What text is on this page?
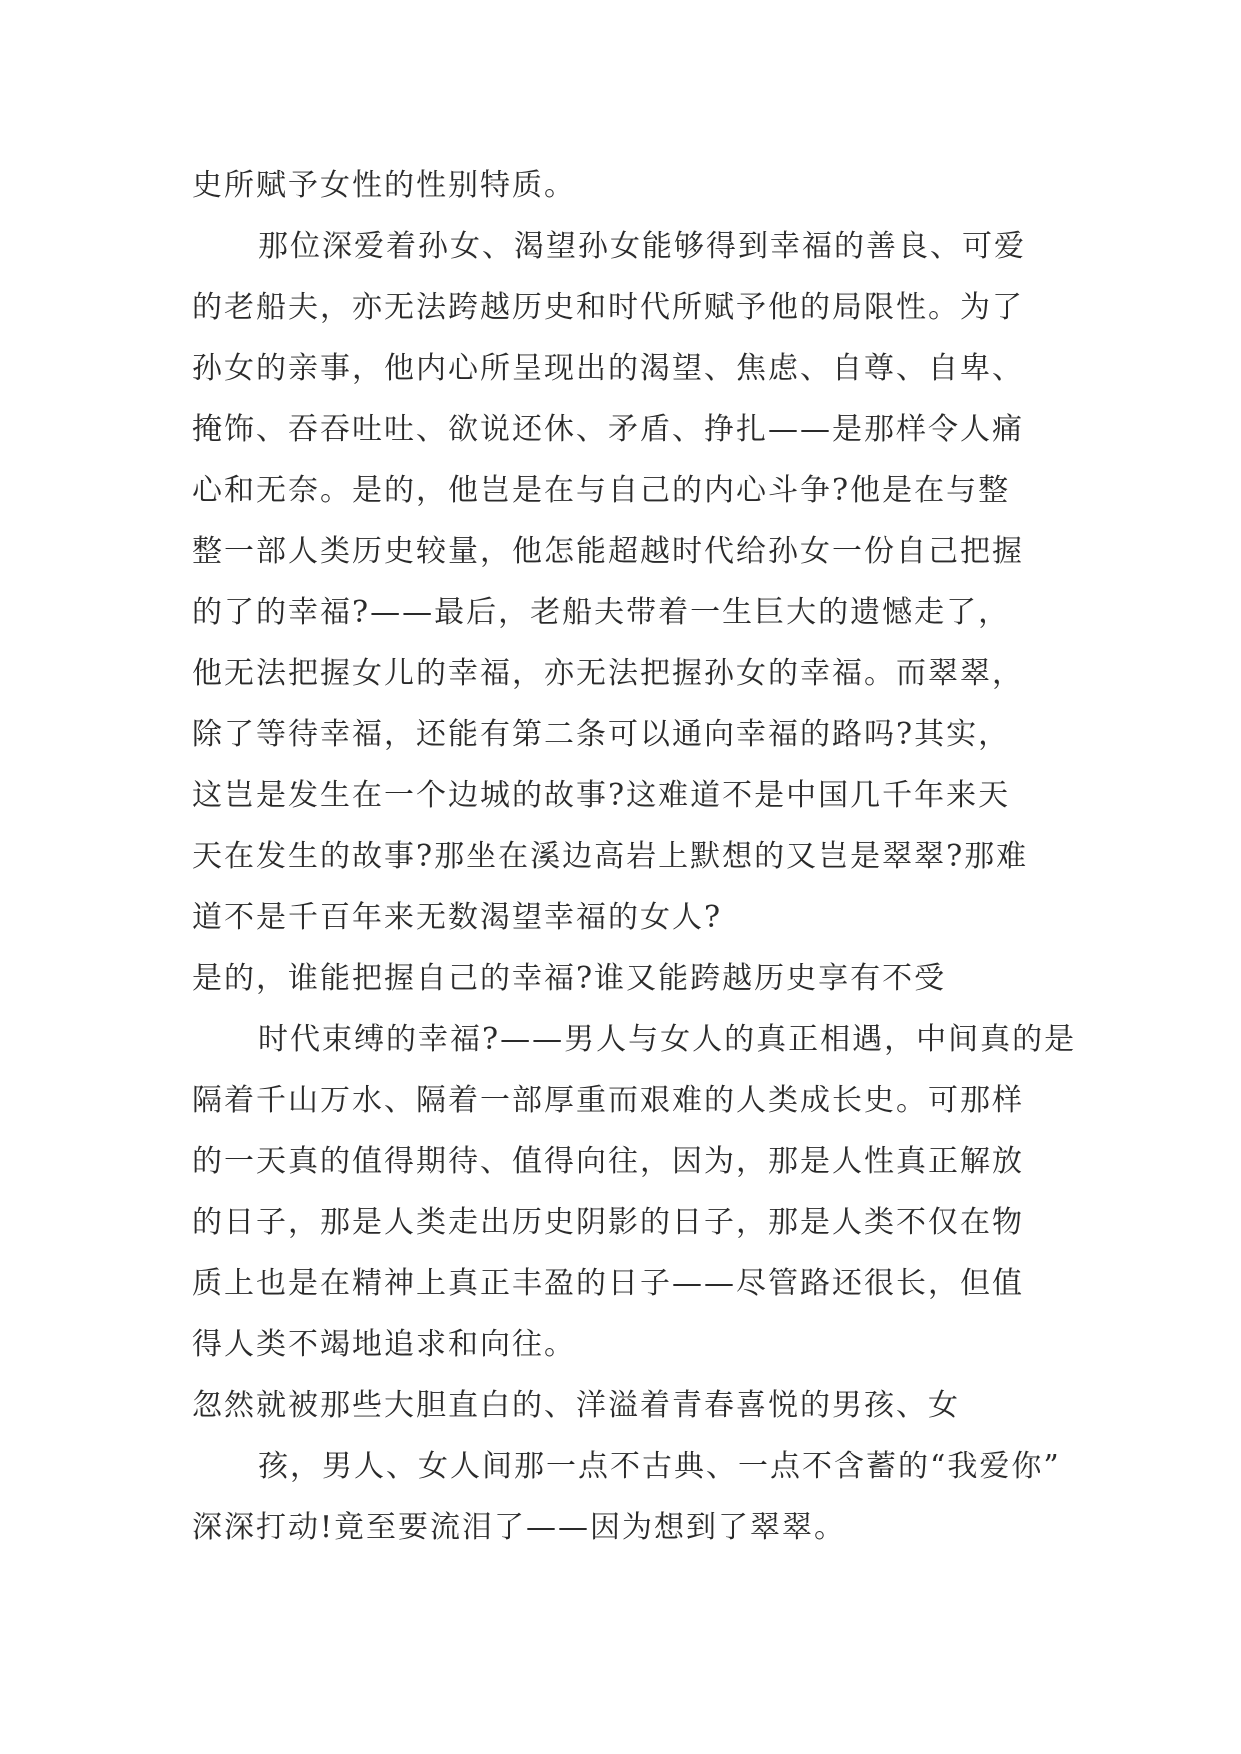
史所赋予女性的性别特质。
那位深爱着孙女、渴望孙女能够得到幸福的善良、可爱
的老船夫，亦无法跨越历史和时代所赋予他的局限性。为了
孙女的亲事，他内心所呈现出的渴望、焦虑、自尊、自卑、
掩饰、吞吞吐吐、欲说还休、矛盾、挣扎——是那样令人痛
心和无奈。是的，他岂是在与自己的内心斗争?他是在与整
整一部人类历史较量，他怎能超越时代给孙女一份自己把握
的了的幸福?——最后，老船夫带着一生巨大的遗憾走了，
他无法把握女儿的幸福，亦无法把握孙女的幸福。而翠翠，
除了等待幸福，还能有第二条可以通向幸福的路吗?其实，
这岂是发生在一个边城的故事?这难道不是中国几千年来天
天在发生的故事?那坐在溪边高岩上默想的又岂是翠翠?那难
道不是千百年来无数渴望幸福的女人?
是的，谁能把握自己的幸福?谁又能跨越历史享有不受
时代束缚的幸福?——男人与女人的真正相遇，中间真的是
隔着千山万水、隔着一部厚重而艰难的人类成长史。可那样
的一天真的值得期待、值得向往，因为，那是人性真正解放
的日子，那是人类走出历史阴影的日子，那是人类不仅在物
质上也是在精神上真正丰盈的日子——尽管路还很长，但值
得人类不竭地追求和向往。
忽然就被那些大胆直白的、洋溢着青春喜悦的男孩、女
孩，男人、女人间那一点不古典、一点不含蓄的“我爱你”
深深打动!竟至要流泪了——因为想到了翠翠。
